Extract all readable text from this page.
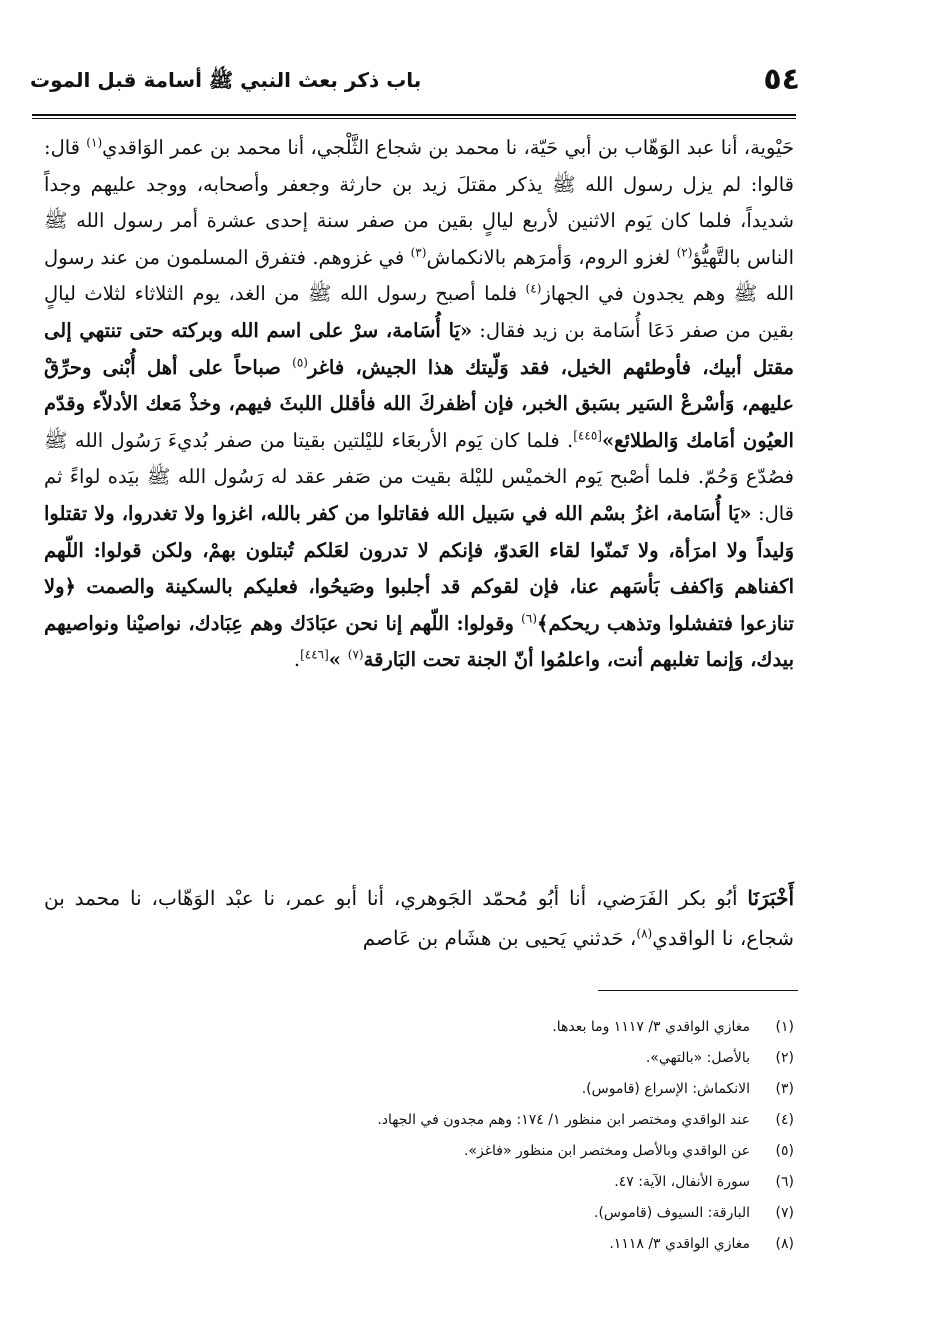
٥٤
باب ذكر بعث النبي ﷺ أسامة قبل الموت

حَيْوية، أنا عبد الوَهّاب بن أبي حَيّة، نا محمد بن شجاع الثَّلْجي، أنا محمد بن عمر الوَاقدي$^{(١)}$ قال: قالوا: لم يزل رسول الله ﷺ يذكر مقتلَ زيد بن حارثة وجعفر وأصحابه، ووجد عليهم وجداً شديداً، فلما كان يَوم الاثنين لأربع ليالٍ بقين من صفر سنة إحدى عشرة أمر رسول الله ﷺ الناس بالتَّهيُّؤ$^{(٢)}$ لغزو الروم، وَأمرَهم بالانكماش$^{(٣)}$ في غزوهم. فتفرق المسلمون من عند رسول الله ﷺ وهم يجدون في الجهاز$^{(٤)}$ فلما أصبح رسول الله ﷺ من الغد، يوم الثلاثاء لثلاث ليالٍ بقين من صفر دَعَا أُسَامة بن زيد فقال: «يَا أُسَامة، سرْ على اسم الله وبركته حتى تنتهي إلى مقتل أبيك، فأوطئهم الخيل، فقد وَلّيتك هذا الجيش، فاغر$^{(٥)}$ صباحاً على أهل أُبْنى وحرِّقْ عليهم، وَأسْرعْ السَير بسَبق الخبر، فإن أظفركَ الله فأقلل اللبثَ فيهم، وخذْ مَعك الأدلاّء وقدّم العيُون أمَامك وَالطلائع»[٤٤٥]. فلما كان يَوم الأربعَاء لليْلتين بقيتا من صفر بُديءَ رَسُول الله ﷺ فصُدّع وَحُمّ. فلما أصْبح يَوم الخميْس لليْلة بقيت من صَفر عقد له رَسُول الله ﷺ بيَده لواءً ثم قال: «يَا أُسَامة، اغزُ بسْم الله في سَبيل الله فقاتلوا من كفر بالله، اغزوا ولا تغدروا، ولا تقتلوا وَليداً ولا امرَأة، ولا تَمنّوا لقاء العَدوّ، فإنكم لا تدرون لعَلكم تُبتلون بهمْ، ولكن قولوا: اللّهم اكفناهم وَاكفف بَأسَهم عنا، فإن لقوكم قد أجلبوا وصَيحُوا، فعليكم بالسكينة والصمت ﴿ولا تنازعوا فتفشلوا وتذهب ريحكم﴾$^{(٦)}$ وقولوا: اللّهم إنا نحن عبَادَك وهم عِبَادك، نواصيْنا ونواصيهم بيدك، وَإنما تغلبهم أنت، واعلمُوا أنّ الجنة تحت البَارقة$^{(٧)}$ »[٤٤٦].

أَخْبَرَنَا أبُو بكر الفَرَضي، أنا أبُو مُحمّد الجَوهري، أنا أبو عمر، نا عبْد الوَهّاب، نا محمد بن شجاع، نا الواقدي$^{(٨)}$، حَدثني يَحيى بن هشَام بن عَاصم

(١)
مغازي الواقدي ٣/ ١١١٧ وما بعدها.
(٢)
بالأصل: «بالتهي».
(٣)
الانكماش: الإسراع (قاموس).
(٤)
عند الواقدي ومختصر ابن منظور ١/ ١٧٤: وهم مجدون في الجهاد.
(٥)
عن الواقدي وبالأصل ومختصر ابن منظور «فاغز».
(٦)
سورة الأنفال، الآية: ٤٧.
(٧)
البارقة: السيوف (قاموس).
(٨)
مغازي الواقدي ٣/ ١١١٨.
